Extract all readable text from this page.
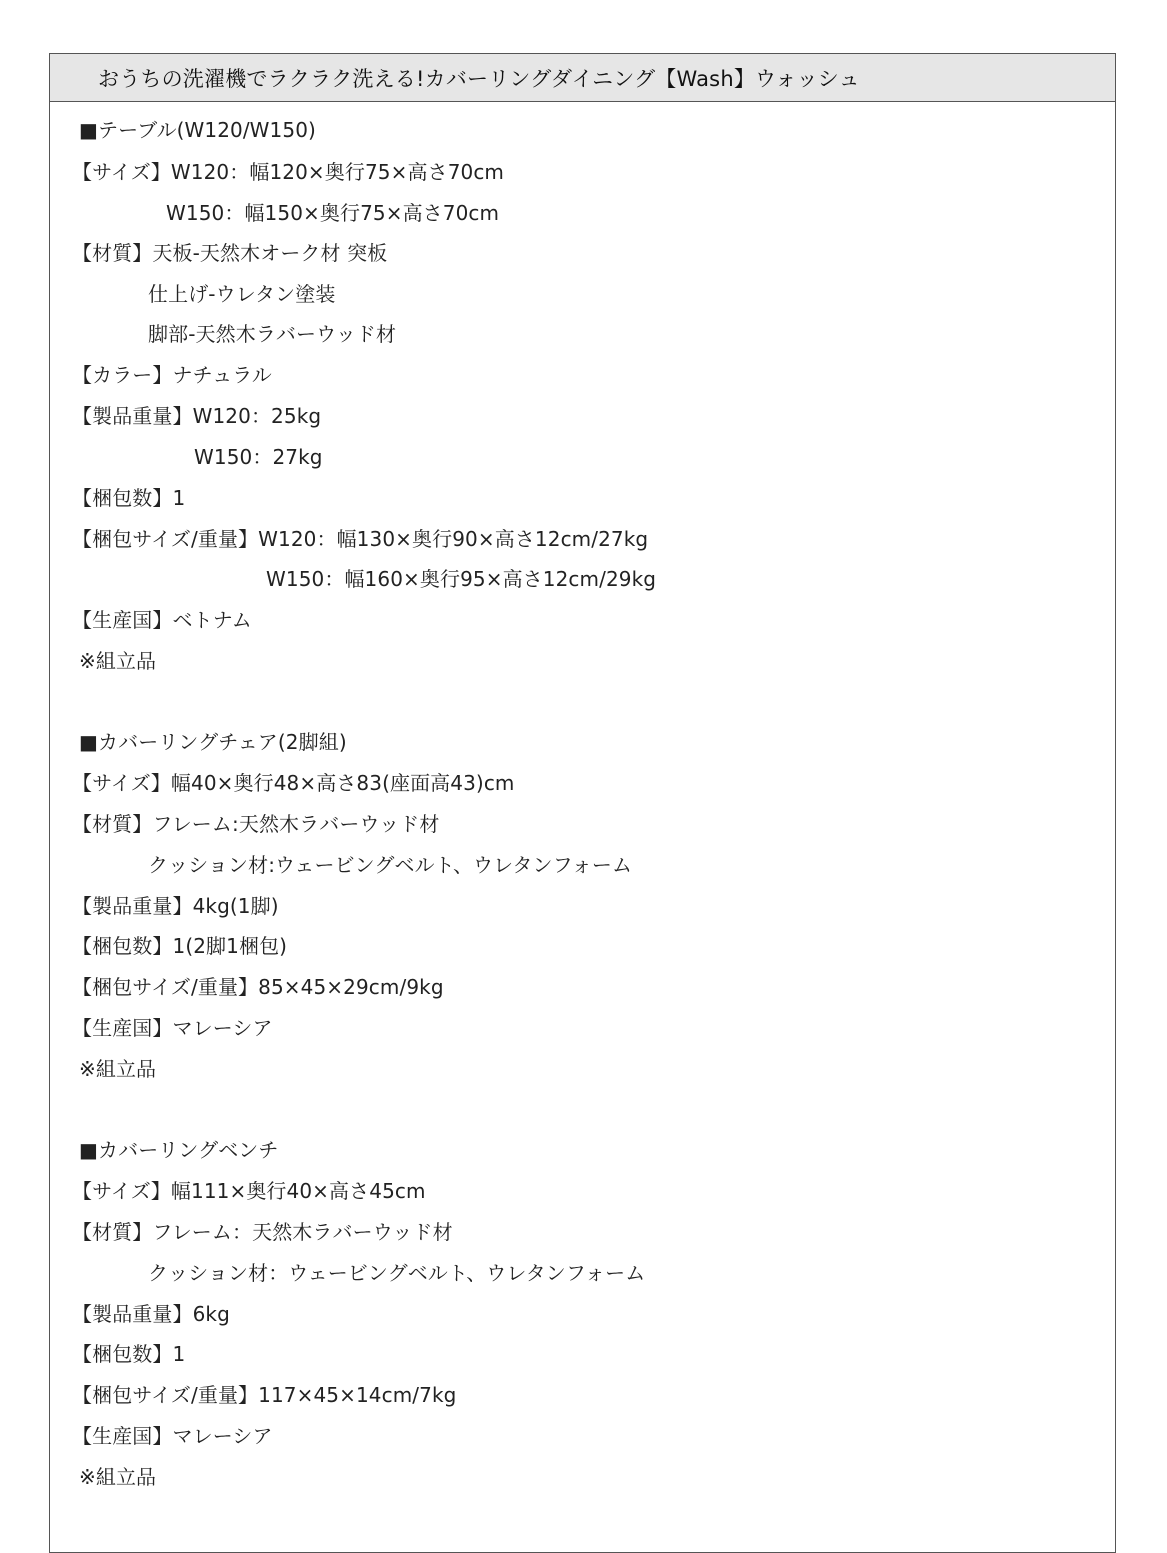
おうちの洗濯機でラクラク洗える!カバーリングダイニング【Wash】ウォッシュ
■テーブル(W120/W150)
【サイズ】W120：幅120×奥行75×高さ70cm
W150：幅150×奥行75×高さ70cm
【材質】天板-天然木オーク材 突板
仕上げ-ウレタン塗装
脚部-天然木ラバーウッド材
【カラー】ナチュラル
【製品重量】W120：25kg
W150：27kg
【梱包数】1
【梱包サイズ/重量】W120：幅130×奥行90×高さ12cm/27kg
W150：幅160×奥行95×高さ12cm/29kg
【生産国】ベトナム
※組立品
■カバーリングチェア(2脚組)
【サイズ】幅40×奥行48×高さ83(座面高43)cm
【材質】フレーム:天然木ラバーウッド材
クッション材:ウェービングベルト、ウレタンフォーム
【製品重量】4kg(1脚)
【梱包数】1(2脚1梱包)
【梱包サイズ/重量】85×45×29cm/9kg
【生産国】マレーシア
※組立品
■カバーリングベンチ
【サイズ】幅111×奥行40×高さ45cm
【材質】フレーム：天然木ラバーウッド材
クッション材：ウェービングベルト、ウレタンフォーム
【製品重量】6kg
【梱包数】1
【梱包サイズ/重量】117×45×14cm/7kg
【生産国】マレーシア
※組立品
